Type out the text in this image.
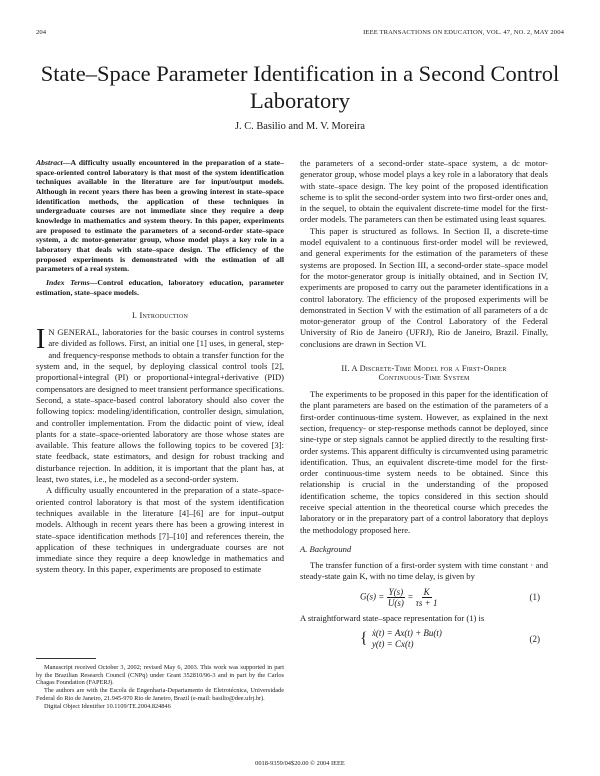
204	IEEE TRANSACTIONS ON EDUCATION, VOL. 47, NO. 2, MAY 2004
State–Space Parameter Identification in a Second Control Laboratory
J. C. Basilio and M. V. Moreira

Abstract—A difficulty usually encountered in the preparation of a state–space-oriented control laboratory is that most of the system identification techniques available in the literature are for input/output models. Although in recent years there has been a growing interest in state–space identification methods, the application of these techniques in undergraduate courses are not immediate since they require a deep knowledge in mathematics and system theory. In this paper, experiments are proposed to estimate the parameters of a second-order state–space system, a dc motor-generator group, whose model plays a key role in a laboratory that deals with state–space design. The efficiency of the proposed experiments is demonstrated with the estimation of all parameters of a real system.

Index Terms—Control education, laboratory education, parameter estimation, state–space models.

I. Introduction

I N GENERAL, laboratories for the basic courses in control systems are divided as follows. First, an initial one [1] uses, in general, step- and frequency-response methods to obtain a transfer function for the system and, in the sequel, by deploying classical control tools [2], proportional+integral (PI) or proportional+integral+derivative (PID) compensators are designed to meet transient performance specifications. Second, a state–space-based control laboratory should also cover the following topics: modeling/identification, controller design, simulation, and controller implementation. From the didactic point of view, ideal plants for a state–space-oriented laboratory are those whose states are available. This feature allows the following topics to be covered [3]: state feedback, state estimators, and design for robust tracking and disturbance rejection. In addition, it is important that the plant has, at least, two states, i.e., he modeled as a second-order system.

A difficulty usually encountered in the preparation of a state–space-oriented control laboratory is that most of the system identification techniques available in the literature [4]–[6] are for input–output models. Although in recent years there has been a growing interest in state–space identification methods [7]–[10] and references therein, the application of these techniques in undergraduate courses are not immediate since they require a deep knowledge in mathematics and system theory. In this paper, experiments are proposed to estimate

the parameters of a second-order state–space system, a dc motor-generator group, whose model plays a key role in a laboratory that deals with state–space design. The key point of the proposed identification scheme is to split the second-order system into two first-order ones and, in the sequel, to obtain the equivalent discrete-time model for the first-order models. The parameters can then be estimated using least squares.

This paper is structured as follows. In Section II, a discrete-time model equivalent to a continuous first-order model will be reviewed, and general experiments for the estimation of the parameters of these systems are proposed. In Section III, a second-order state–space model for the motor-generator group is initially obtained, and in Section IV, experiments are proposed to carry out the parameter identifications in a control laboratory. The efficiency of the proposed experiments will be demonstrated in Section V with the estimation of all parameters of a dc motor-generator group of the Control Laboratory of the Federal University of Rio de Janeiro (UFRJ), Rio de Janeiro, Brazil. Finally, conclusions are drawn in Section VI.

II. A Discrete-Time Model for a First-Order
Continuous-Time System

The experiments to be proposed in this paper for the identification of the plant parameters are based on the estimation of the parameters of a first-order continuous-time system. However, as explained in the next section, frequency- or step-response methods cannot be deployed, since sine-type or step signals cannot be applied directly to the resulting first-order systems. This apparent difficulty is circumvented using parametric identification. Thus, an equivalent discrete-time model for the first-order continuous-time system needs to be obtained. Since this relationship is crucial in the understanding of the proposed identification scheme, the topics considered in this section should receive special attention in the theoretical course which precedes the laboratory or in the preparatory part of a control laboratory that deploys the methodology proposed here.

A. Background

The transfer function of a first-order system with time constant · and steady-state gain K, with no time delay, is given by

$G(s) = \frac{Y(s)}{U(s)} = \frac{K}{\tau s + 1}$	(1)

A straightforward state–space representation for (1) is

{ ẋ(t) = Ax(t) + Bu(t)
y(t) = Cx(t)	(2)

Manuscript received October 3, 2002; revised May 6, 2003. This work was supported in part by the Brazilian Research Council (CNPq) under Grant 352810/96-3 and in part by the Carlos Chagas Foundation (FAPERJ).

The authors are with the Escola de Engenharia-Departamento de Eletrotécnica, Universidade Federal do Rio de Janeiro, 21.945-970 Rio de Janeiro, Brazil (e-mail: basilio@dee.ufrj.br).

Digital Object Identifier 10.1109/TE.2004.824846

0018-9359/04$20.00 © 2004 IEEE
